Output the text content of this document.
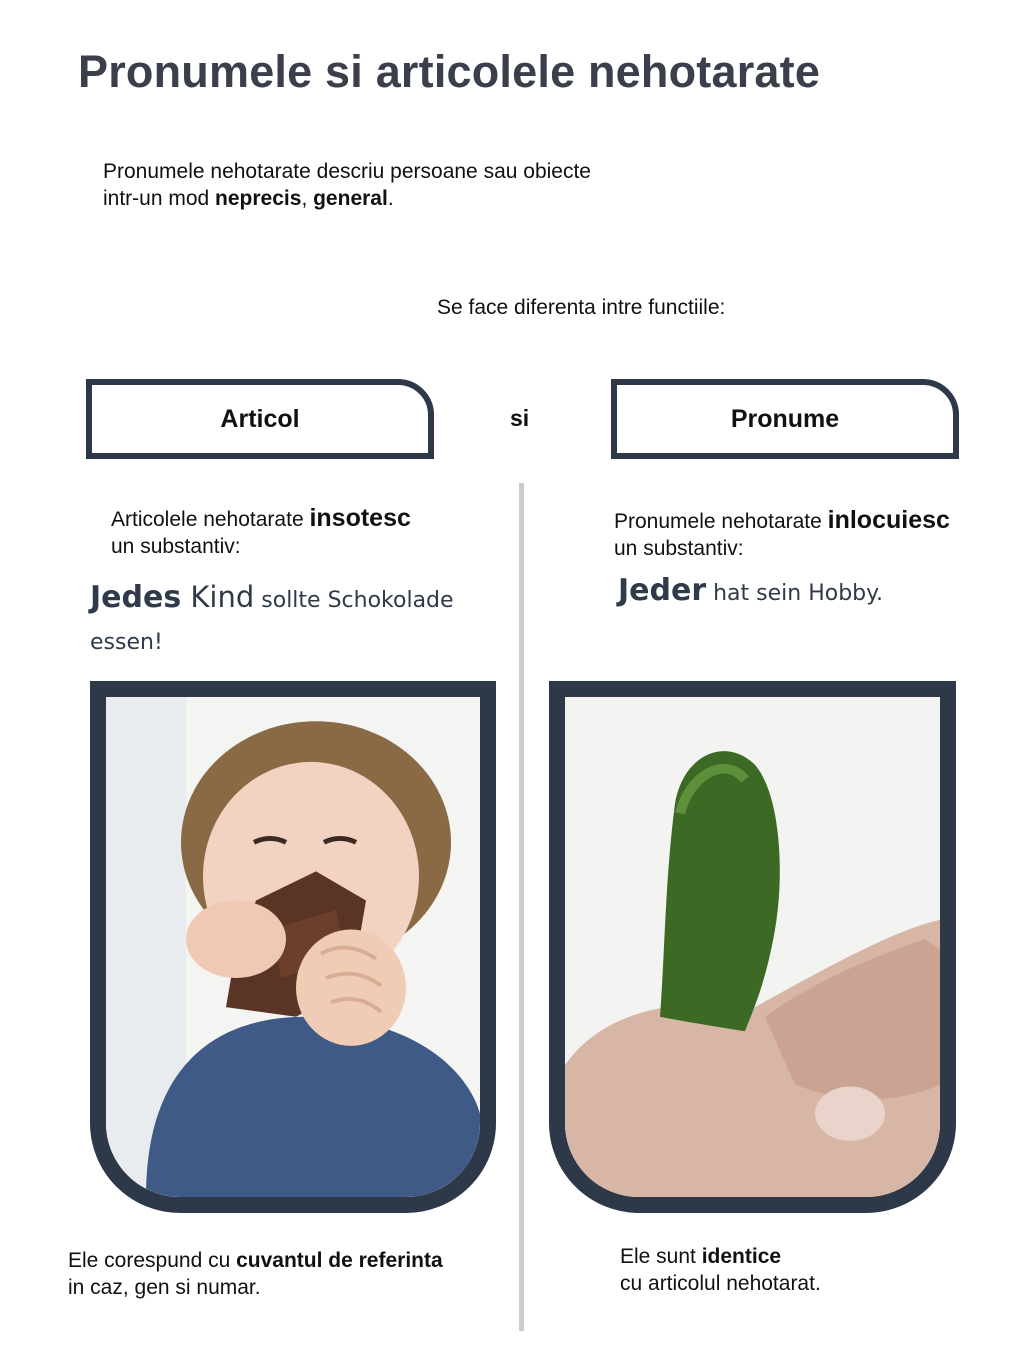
Pronumele si articolele nehotarate
Pronumele nehotarate descriu persoane sau obiecte
intr-un mod neprecis, general.
Se face diferenta intre functiile:
Articol	si	Pronume
Articolele nehotarate insotesc
un substantiv:
Jedes Kind sollte Schokolade
essen!
Ele corespund cu cuvantul de referinta
in caz, gen si numar.
Pronumele nehotarate inlocuiesc
un substantiv:
Jeder hat sein Hobby.
Ele sunt identice
cu articolul nehotarat.
